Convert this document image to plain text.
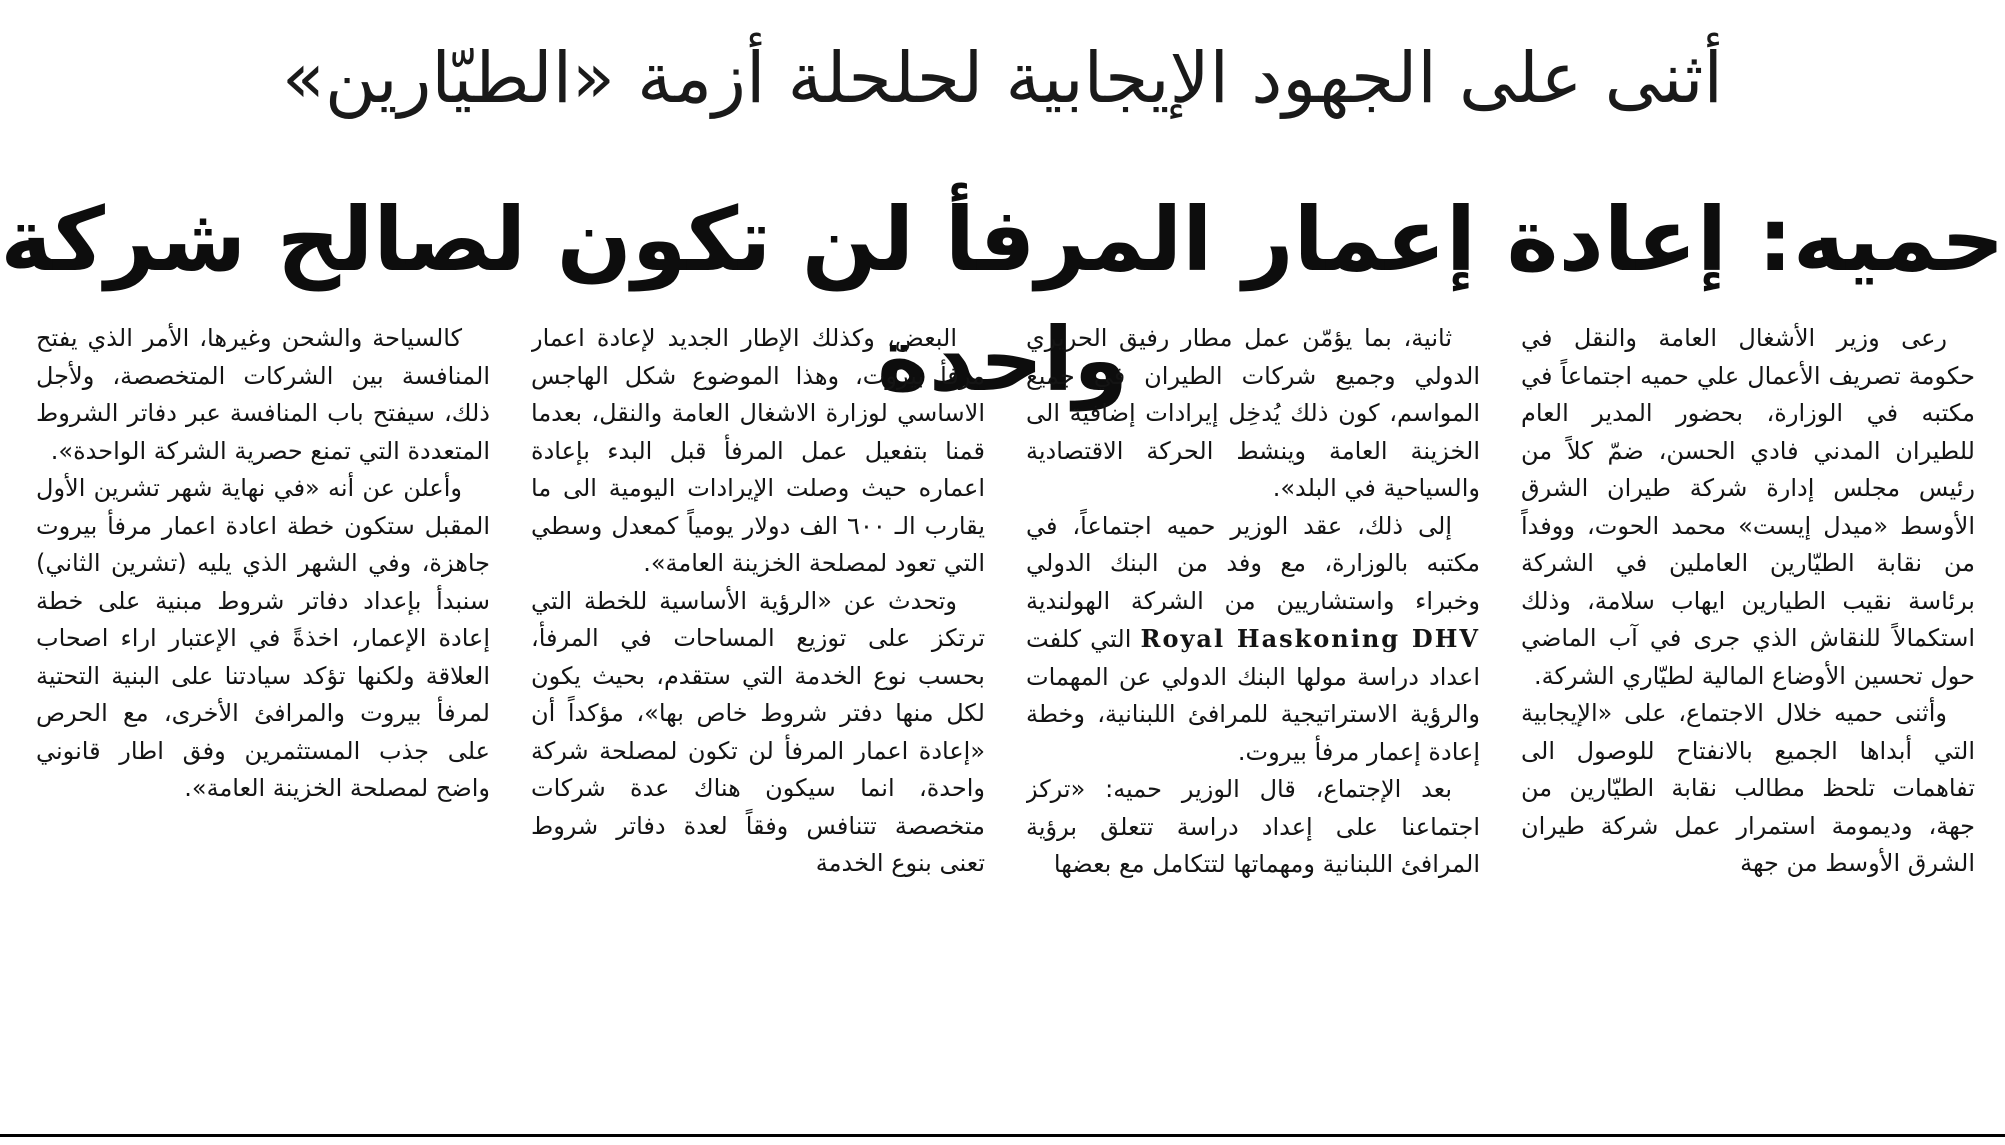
أثنى على الجهود الإيجابية لحلحلة أزمة «الطيّارين»
حميه: إعادة إعمار المرفأ لن تكون لصالح شركة واحدة	رعى وزير الأشغال العامة والنقل في حكومة تصريف الأعمال علي حميه اجتماعاً في مكتبه في الوزارة، بحضور المدير العام للطيران المدني فادي الحسن، ضمّ كلاً من رئيس مجلس إدارة شركة طيران الشرق الأوسط «ميدل إيست» محمد الحوت، ووفداً من نقابة الطيّارين العاملين في الشركة برئاسة نقيب الطيارين ايهاب سلامة، وذلك استكمالاً للنقاش الذي جرى في آب الماضي حول تحسين الأوضاع المالية لطيّاري الشركة.

وأثنى حميه خلال الاجتماع، على «الإيجابية التي أبداها الجميع بالانفتاح للوصول الى تفاهمات تلحظ مطالب نقابة الطيّارين من جهة، وديمومة استمرار عمل شركة طيران الشرق الأوسط من جهة

ثانية، بما يؤمّن عمل مطار رفيق الحريري الدولي وجميع شركات الطيران في جميع المواسم، كون ذلك يُدخِل إيرادات إضافية الى الخزينة العامة وينشط الحركة الاقتصادية والسياحية في البلد».

إلى ذلك، عقد الوزير حميه اجتماعاً، في مكتبه بالوزارة، مع وفد من البنك الدولي وخبراء واستشاريين من الشركة الهولندية Royal Haskoning DHV التي كلفت اعداد دراسة مولها البنك الدولي عن المهمات والرؤية الاستراتيجية للمرافئ اللبنانية، وخطة إعادة إعمار مرفأ بيروت.

بعد الإجتماع، قال الوزير حميه: «تركز اجتماعنا على إعداد دراسة تتعلق برؤية المرافئ اللبنانية ومهماتها لتتكامل مع بعضها

البعض، وكذلك الإطار الجديد لإعادة اعمار مرفأ بيروت، وهذا الموضوع شكل الهاجس الاساسي لوزارة الاشغال العامة والنقل، بعدما قمنا بتفعيل عمل المرفأ قبل البدء بإعادة اعماره حيث وصلت الإيرادات اليومية الى ما يقارب الـ ٦٠٠ الف دولار يومياً كمعدل وسطي التي تعود لمصلحة الخزينة العامة».

وتحدث عن «الرؤية الأساسية للخطة التي ترتكز على توزيع المساحات في المرفأ، بحسب نوع الخدمة التي ستقدم، بحيث يكون لكل منها دفتر شروط خاص بها»، مؤكداً أن «إعادة اعمار المرفأ لن تكون لمصلحة شركة واحدة، انما سيكون هناك عدة شركات متخصصة تتنافس وفقاً لعدة دفاتر شروط تعنى بنوع الخدمة

كالسياحة والشحن وغيرها، الأمر الذي يفتح المنافسة بين الشركات المتخصصة، ولأجل ذلك، سيفتح باب المنافسة عبر دفاتر الشروط المتعددة التي تمنع حصرية الشركة الواحدة».

وأعلن عن أنه «في نهاية شهر تشرين الأول المقبل ستكون خطة اعادة اعمار مرفأ بيروت جاهزة، وفي الشهر الذي يليه (تشرين الثاني) سنبدأ بإعداد دفاتر شروط مبنية على خطة إعادة الإعمار، اخذةً في الإعتبار اراء اصحاب العلاقة ولكنها تؤكد سيادتنا على البنية التحتية لمرفأ بيروت والمرافئ الأخرى، مع الحرص على جذب المستثمرين وفق اطار قانوني واضح لمصلحة الخزينة العامة».
